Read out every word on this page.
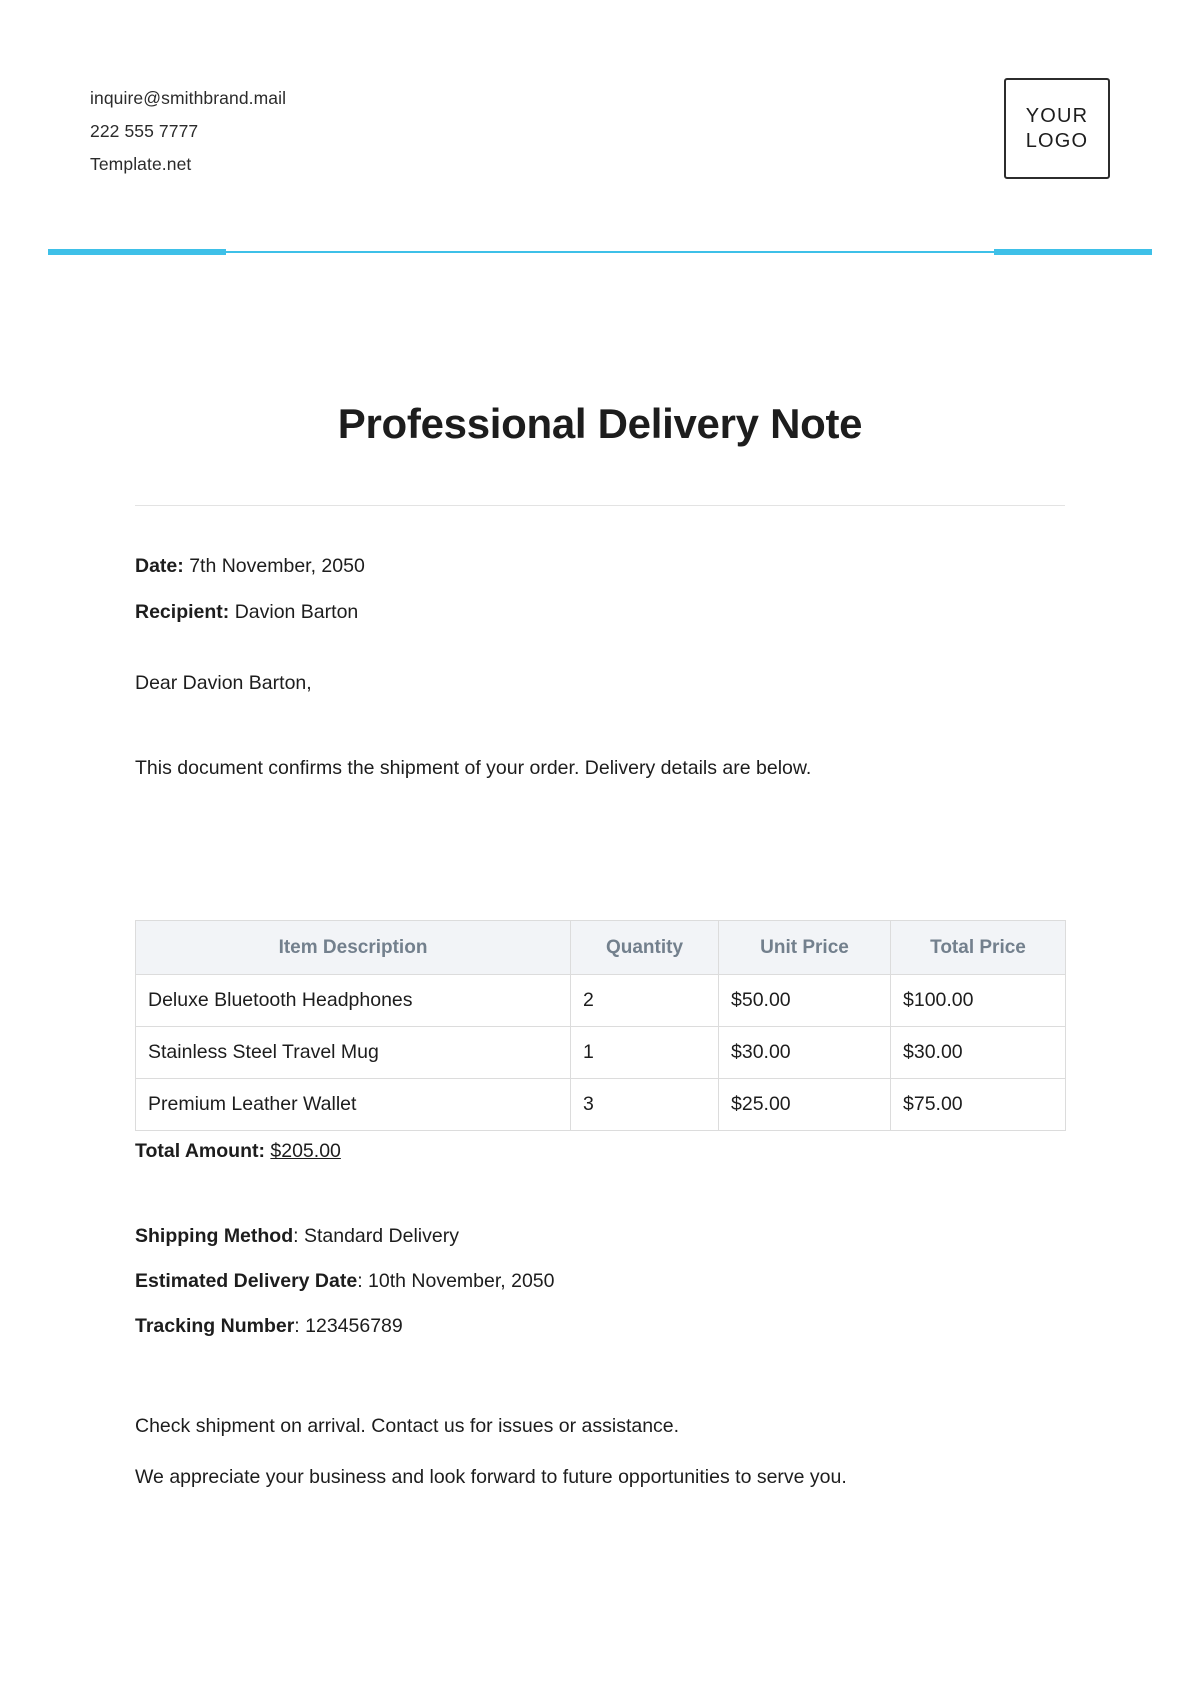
inquire@smithbrand.mail
222 555 7777
Template.net
YOUR
LOGO
Professional Delivery Note
Date: 7th November, 2050
Recipient: Davion Barton
Dear Davion Barton,
This document confirms the shipment of your order. Delivery details are below.
Item Description	Quantity	Unit Price	Total Price
Deluxe Bluetooth Headphones	2	$50.00	$100.00
Stainless Steel Travel Mug	1	$30.00	$30.00
Premium Leather Wallet	3	$25.00	$75.00
Total Amount: $205.00
Shipping Method: Standard Delivery
Estimated Delivery Date: 10th November, 2050
Tracking Number: 123456789
Check shipment on arrival. Contact us for issues or assistance.
We appreciate your business and look forward to future opportunities to serve you.
